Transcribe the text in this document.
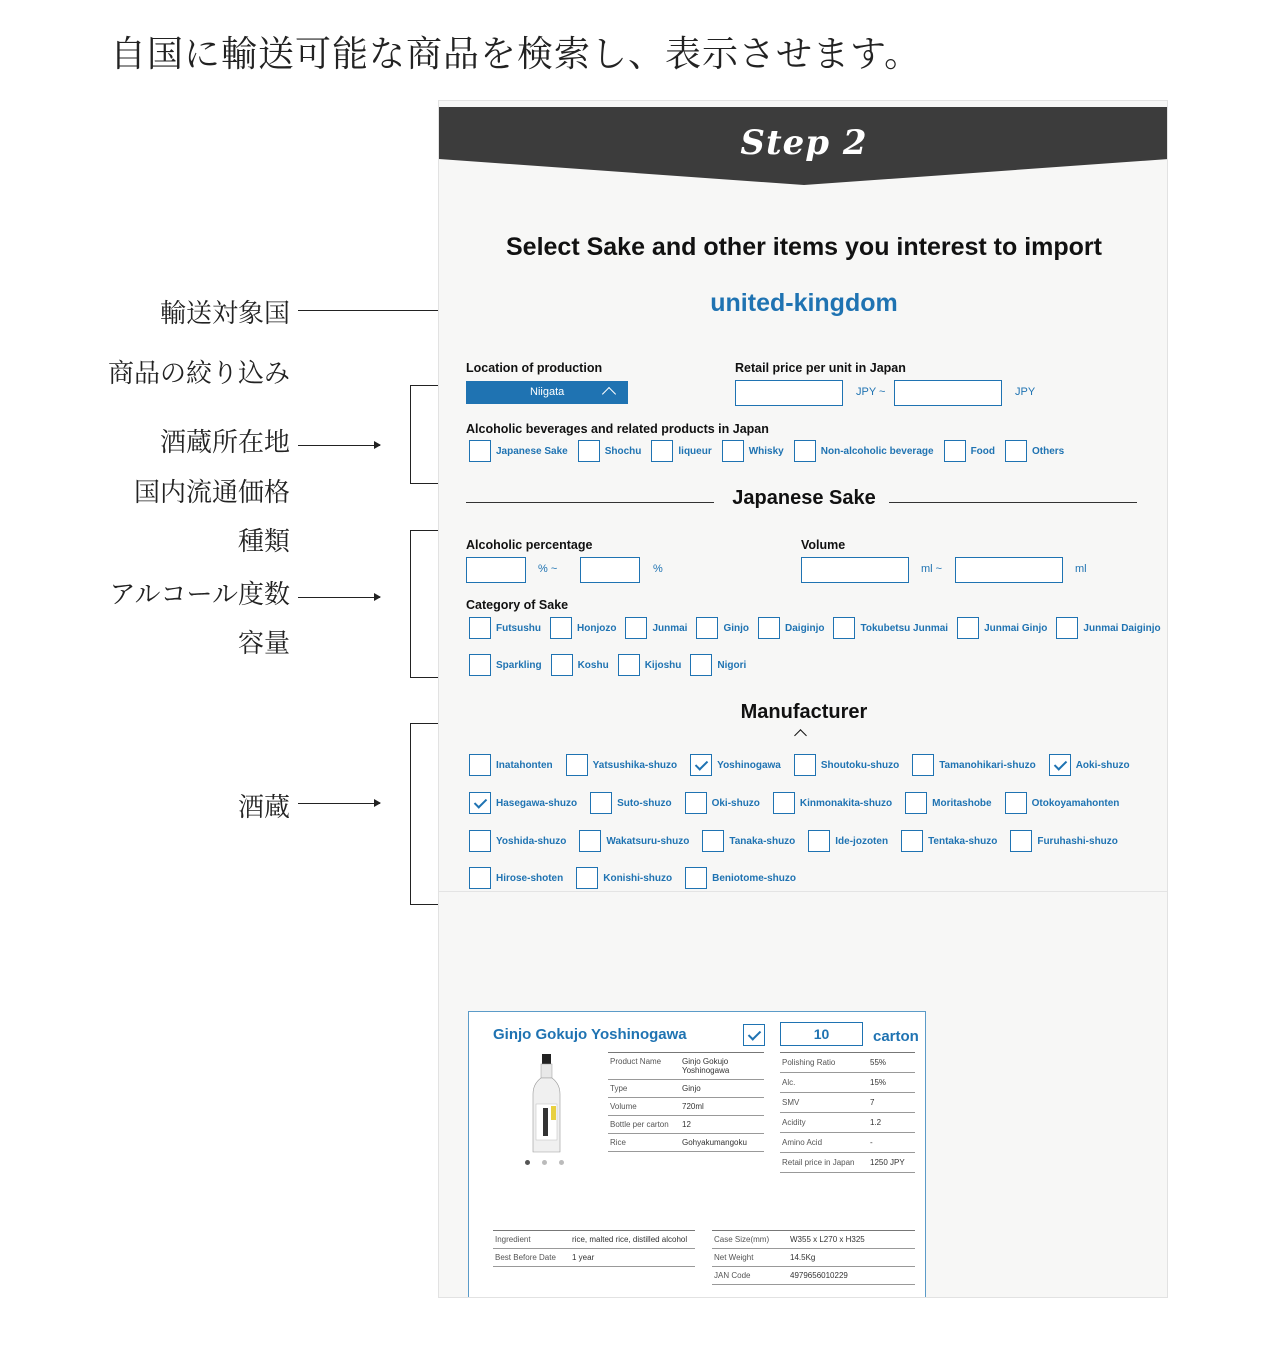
自国に輸送可能な商品を検索し、表示させます。
輸送対象国
商品の絞り込み
酒蔵所在地
国内流通価格
種類
アルコール度数
容量
酒蔵
Step 2
Select Sake and other items you interest to import
united-kingdom
Location of production
Niigata
Retail price per unit in Japan
JPY ~	JPY
Alcoholic beverages and related products in Japan
Japanese Sake	Shochu	liqueur	Whisky	Non-alcoholic beverage	Food	Others
Japanese Sake
Alcoholic percentage
% ~	%
Volume
ml ~	ml
Category of Sake
Futsushu	Honjozo	Junmai	Ginjo	Daiginjo	Tokubetsu Junmai	Junmai Ginjo	Junmai Daiginjo
Sparkling	Koshu	Kijoshu	Nigori
Manufacturer
Inatahonten	Yatsushika-shuzo	Yoshinogawa	Shoutoku-shuzo	Tamanohikari-shuzo	Aoki-shuzo
Hasegawa-shuzo	Suto-shuzo	Oki-shuzo	Kinmonakita-shuzo	Moritashobe	Otokoyamahonten
Yoshida-shuzo	Wakatsuru-shuzo	Tanaka-shuzo	Ide-jozoten	Tentaka-shuzo	Furuhashi-shuzo
Hirose-shoten	Konishi-shuzo	Beniotome-shuzo
Ginjo Gokujo Yoshinogawa	10	carton
Product Name	Ginjo Gokujo Yoshinogawa
Type	Ginjo
Volume	720ml
Bottle per carton	12
Rice	Gohyakumangoku
Polishing Ratio	55%
Alc.	15%
SMV	7
Acidity	1.2
Amino Acid	-
Retail price in Japan	1250 JPY
Ingredient	rice, malted rice, distilled alcohol
Best Before Date	1 year
Case Size(mm)	W355 x L270 x H325
Net Weight	14.5Kg
JAN Code	4979656010229
